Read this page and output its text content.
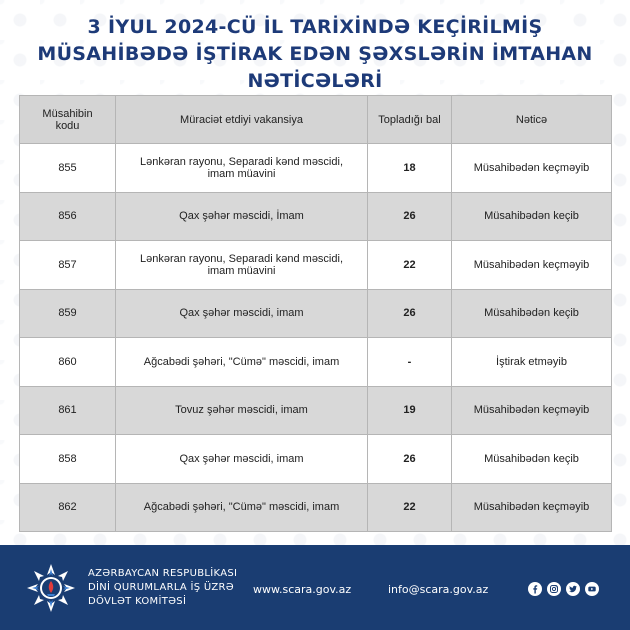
3 İYUL 2024-CÜ İL TARİXİNDƏ KEÇİRİLMİŞ
MÜSAHİBƏDƏ İŞTİRAK EDƏN ŞƏXSLƏRİN İMTAHAN NƏTİCƏLƏRİ
Müsahibin kodu	Müraciət etdiyi vakansiya	Topladığı bal	Nəticə
855	Lənkəran rayonu, Separadi kənd məscidi, imam müavini	18	Müsahibədən keçməyib
856	Qax şəhər məscidi, İmam	26	Müsahibədən keçib
857	Lənkəran rayonu, Separadi kənd məscidi, imam müavini	22	Müsahibədən keçməyib
859	Qax şəhər məscidi, imam	26	Müsahibədən keçib
860	Ağcabədi şəhəri, "Cümə" məscidi, imam	-	İştirak etməyib
861	Tovuz şəhər məscidi, imam	19	Müsahibədən keçməyib
858	Qax şəhər məscidi, imam	26	Müsahibədən keçib
862	Ağcabədi şəhəri, "Cümə" məscidi, imam	22	Müsahibədən keçməyib
AZƏRBAYCAN RESPUBLİKASI
DİNİ QURUMLARLA İŞ ÜZRƏ
DÖVLƏT KOMİTƏSİ
www.scara.gov.az	info@scara.gov.az
